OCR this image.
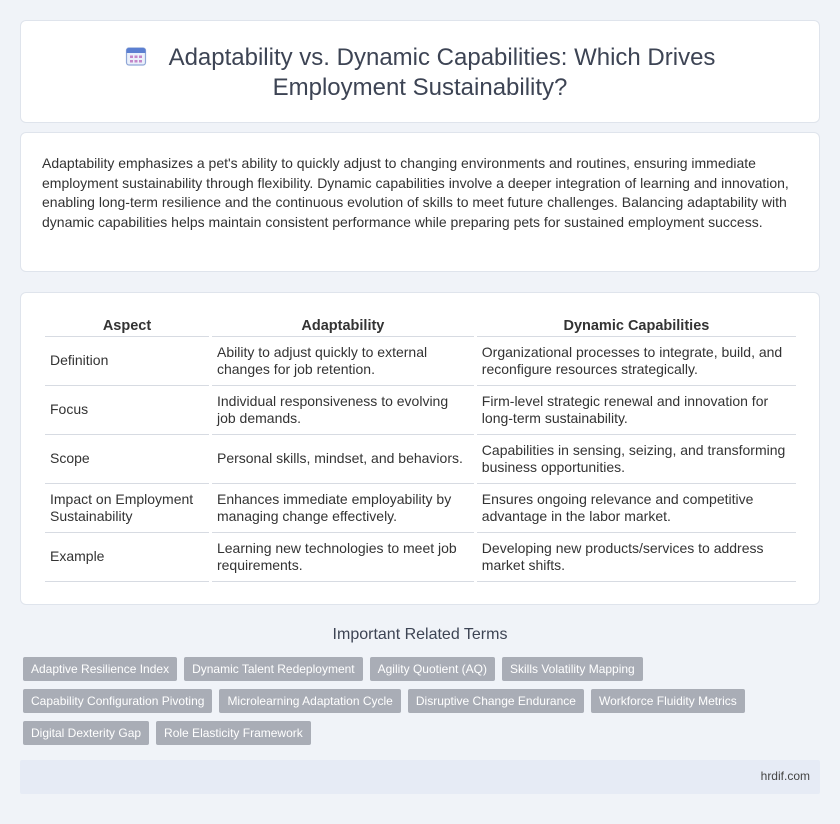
Adaptability vs. Dynamic Capabilities: Which Drives Employment Sustainability?

Adaptability emphasizes a pet's ability to quickly adjust to changing environments and routines, ensuring immediate employment sustainability through flexibility. Dynamic capabilities involve a deeper integration of learning and innovation, enabling long-term resilience and the continuous evolution of skills to meet future challenges. Balancing adaptability with dynamic capabilities helps maintain consistent performance while preparing pets for sustained employment success.

Aspect	Adaptability	Dynamic Capabilities
Definition	Ability to adjust quickly to external changes for job retention.	Organizational processes to integrate, build, and reconfigure resources strategically.
Focus	Individual responsiveness to evolving job demands.	Firm-level strategic renewal and innovation for long-term sustainability.
Scope	Personal skills, mindset, and behaviors.	Capabilities in sensing, seizing, and transforming business opportunities.
Impact on Employment Sustainability	Enhances immediate employability by managing change effectively.	Ensures ongoing relevance and competitive advantage in the labor market.
Example	Learning new technologies to meet job requirements.	Developing new products/services to address market shifts.
Important Related Terms
Adaptive Resilience Index	Dynamic Talent Redeployment	Agility Quotient (AQ)	Skills Volatility Mapping
Capability Configuration Pivoting	Microlearning Adaptation Cycle	Disruptive Change Endurance	Workforce Fluidity Metrics
Digital Dexterity Gap	Role Elasticity Framework
hrdif.com
